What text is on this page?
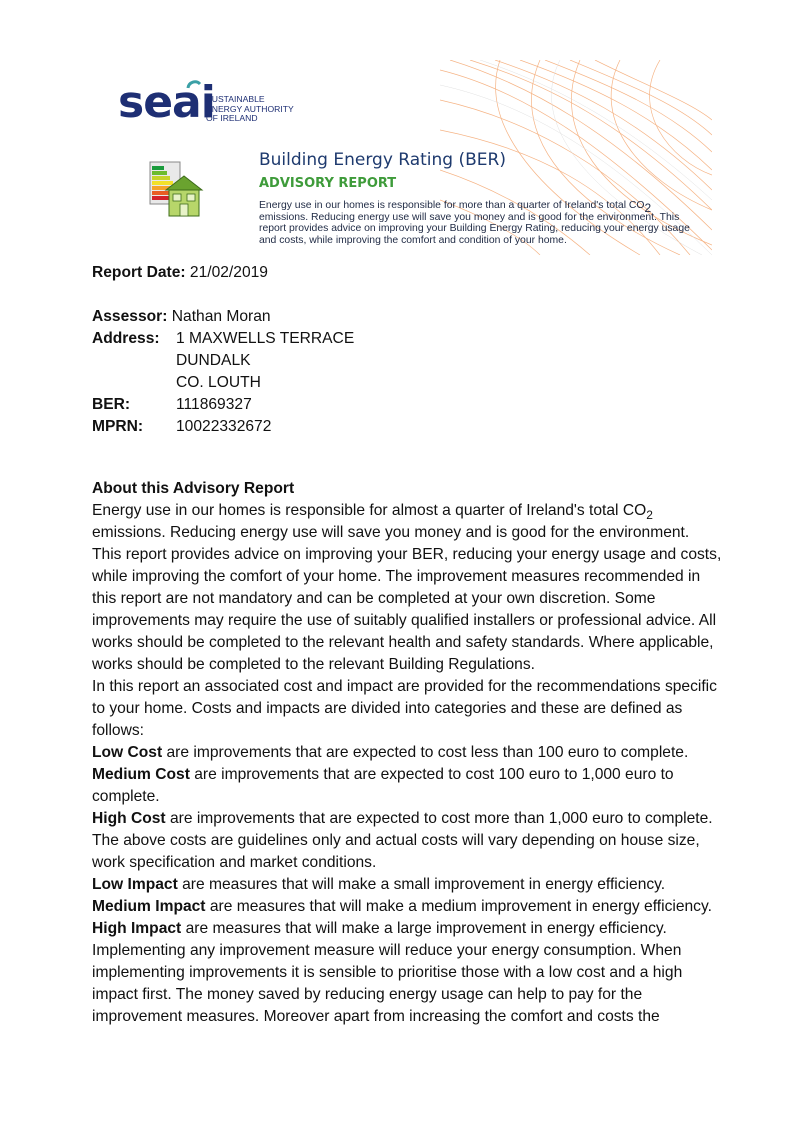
seai
SUSTAINABLE
ENERGY AUTHORITY
OF IRELAND
Building Energy Rating (BER)
ADVISORY REPORT
Energy use in our homes is responsible for more than a quarter of Ireland's total $CO_2$ emissions. Reducing energy use will save you money and is good for the environment. This report provides advice on improving your Building Energy Rating, reducing your energy usage and costs, while improving the comfort and condition of your home.
Report Date: 21/02/2019
Assessor: Nathan Moran
Address: 1 MAXWELLS TERRACE
DUNDALK
CO. LOUTH
BER:	111869327
MPRN: 10022332672
About this Advisory Report

Energy use in our homes is responsible for almost a quarter of Ireland's total $CO_2$ emissions. Reducing energy use will save you money and is good for the environment. This report provides advice on improving your BER, reducing your energy usage and costs, while improving the comfort of your home. The improvement measures recommended in this report are not mandatory and can be completed at your own discretion. Some improvements may require the use of suitably qualified installers or professional advice. All works should be completed to the relevant health and safety standards. Where applicable, works should be completed to the relevant Building Regulations.

In this report an associated cost and impact are provided for the recommendations specific to your home. Costs and impacts are divided into categories and these are defined as follows:

Low Cost are improvements that are expected to cost less than 100 euro to complete.

Medium Cost are improvements that are expected to cost 100 euro to 1,000 euro to complete.

High Cost are improvements that are expected to cost more than 1,000 euro to complete.

The above costs are guidelines only and actual costs will vary depending on house size, work specification and market conditions.

Low Impact are measures that will make a small improvement in energy efficiency.

Medium Impact are measures that will make a medium improvement in energy efficiency.

High Impact are measures that will make a large improvement in energy efficiency.

Implementing any improvement measure will reduce your energy consumption. When implementing improvements it is sensible to prioritise those with a low cost and a high impact first. The money saved by reducing energy usage can help to pay for the improvement measures. Moreover apart from increasing the comfort and costs the
